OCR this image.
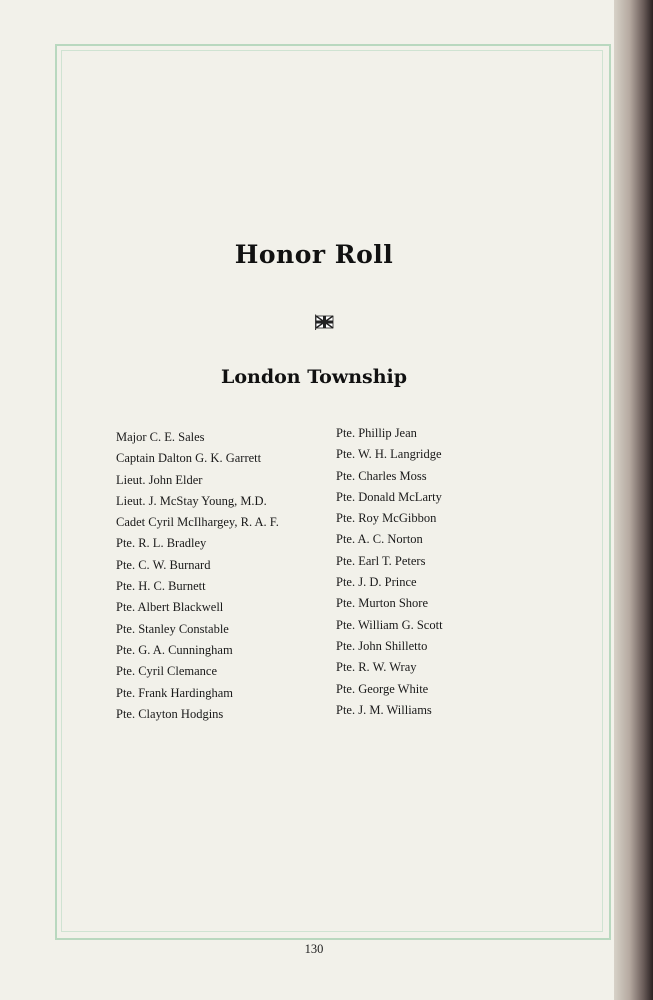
Honor Roll
London Township
Major C. E. Sales
Captain Dalton G. K. Garrett
Lieut. John Elder
Lieut. J. McStay Young, M.D.
Cadet Cyril McIlhargey, R. A. F.
Pte. R. L. Bradley
Pte. C. W. Burnard
Pte. H. C. Burnett
Pte. Albert Blackwell
Pte. Stanley Constable
Pte. G. A. Cunningham
Pte. Cyril Clemance
Pte. Frank Hardingham
Pte. Clayton Hodgins
Pte. Phillip Jean
Pte. W. H. Langridge
Pte. Charles Moss
Pte. Donald McLarty
Pte. Roy McGibbon
Pte. A. C. Norton
Pte. Earl T. Peters
Pte. J. D. Prince
Pte. Murton Shore
Pte. William G. Scott
Pte. John Shilletto
Pte. R. W. Wray
Pte. George White
Pte. J. M. Williams
130
